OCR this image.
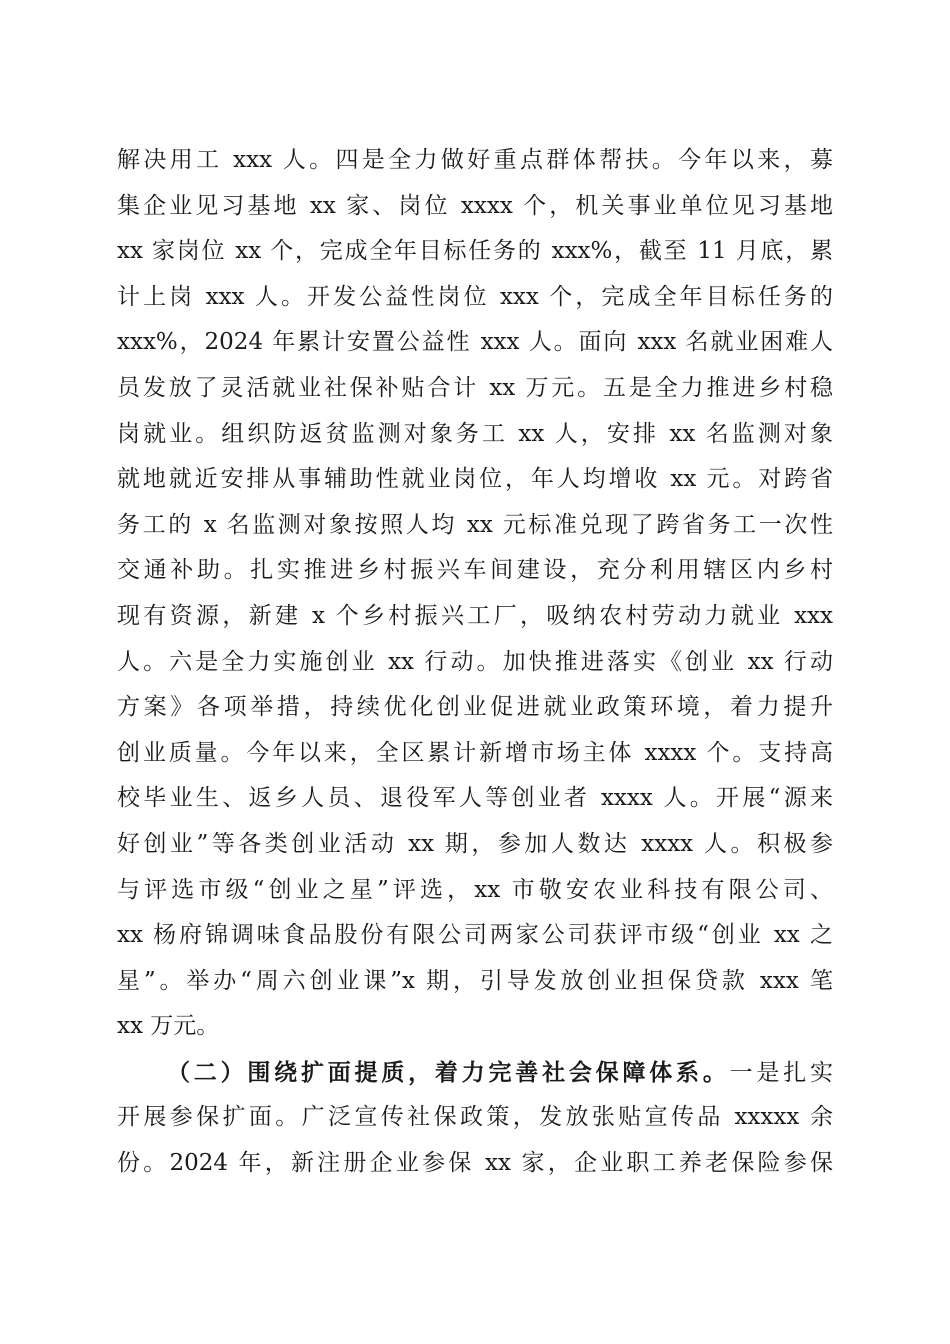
解决用工 xxx 人。四是全力做好重点群体帮扶。今年以来，募
集企业见习基地 xx 家、岗位 xxxx 个，机关事业单位见习基地
xx 家岗位 xx 个，完成全年目标任务的 xxx%，截至 11 月底，累
计上岗 xxx 人。开发公益性岗位 xxx 个，完成全年目标任务的
xxx%，2024 年累计安置公益性 xxx 人。面向 xxx 名就业困难人
员发放了灵活就业社保补贴合计 xx 万元。五是全力推进乡村稳
岗就业。组织防返贫监测对象务工 xx 人，安排 xx 名监测对象
就地就近安排从事辅助性就业岗位，年人均增收 xx 元。对跨省
务工的 x 名监测对象按照人均 xx 元标准兑现了跨省务工一次性
交通补助。扎实推进乡村振兴车间建设，充分利用辖区内乡村
现有资源，新建 x 个乡村振兴工厂，吸纳农村劳动力就业 xxx
人。六是全力实施创业 xx 行动。加快推进落实《创业 xx 行动
方案》各项举措，持续优化创业促进就业政策环境，着力提升
创业质量。今年以来，全区累计新增市场主体 xxxx 个。支持高
校毕业生、返乡人员、退役军人等创业者 xxxx 人。开展“源来
好创业”等各类创业活动 xx 期，参加人数达 xxxx 人。积极参
与评选市级“创业之星”评选，xx 市敬安农业科技有限公司、
xx 杨府锦调味食品股份有限公司两家公司获评市级“创业 xx 之
星”。举办“周六创业课”x 期，引导发放创业担保贷款 xxx 笔
xx 万元。
（二）围绕扩面提质，着力完善社会保障体系。一是扎实
开展参保扩面。广泛宣传社保政策，发放张贴宣传品 xxxxx 余
份。2024 年，新注册企业参保 xx 家，企业职工养老保险参保
